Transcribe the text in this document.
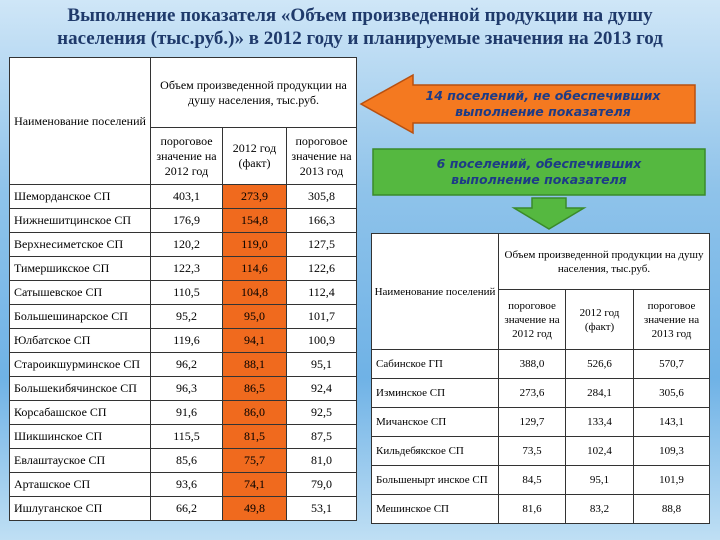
Выполнение показателя «Объем произведенной продукции на душу
населения (тыс.руб.)» в 2012 году и планируемые значения на 2013 год
Наименование поселений	Объем произведенной продукции на душу населения, тыс.руб.		
	пороговое значение на 2012 год	2012 год (факт)	пороговое значение на 2013 год
Шеморданское СП	403,1	273,9	305,8
Нижнешитцинское СП	176,9	154,8	166,3
Верхнесиметское СП	120,2	119,0	127,5
Тимершикское СП	122,3	114,6	122,6
Сатышевское СП	110,5	104,8	112,4
Большешинарское СП	95,2	95,0	101,7
Юлбатское СП	119,6	94,1	100,9
Староикшурминское СП	96,2	88,1	95,1
Большекибячинское СП	96,3	86,5	92,4
Корсабашское СП	91,6	86,0	92,5
Шикшинское СП	115,5	81,5	87,5
Евлаштауское СП	85,6	75,7	81,0
Арташское СП	93,6	74,1	79,0
Ишлуганское СП	66,2	49,8	53,1
14 поселений, не обеспечивших
выполнение показателя
6 поселений, обеспечивших
выполнение показателя
Наименование поселений	Объем произведенной продукции на душу населения, тыс.руб.		
	пороговое значение на 2012 год	2012 год (факт)	пороговое значение на 2013 год
Сабинское ГП	388,0	526,6	570,7
Изминское СП	273,6	284,1	305,6
Мичанское СП	129,7	133,4	143,1
Кильдебякское СП	73,5	102,4	109,3
Большенырт инское СП	84,5	95,1	101,9
Мешинское СП	81,6	83,2	88,8
